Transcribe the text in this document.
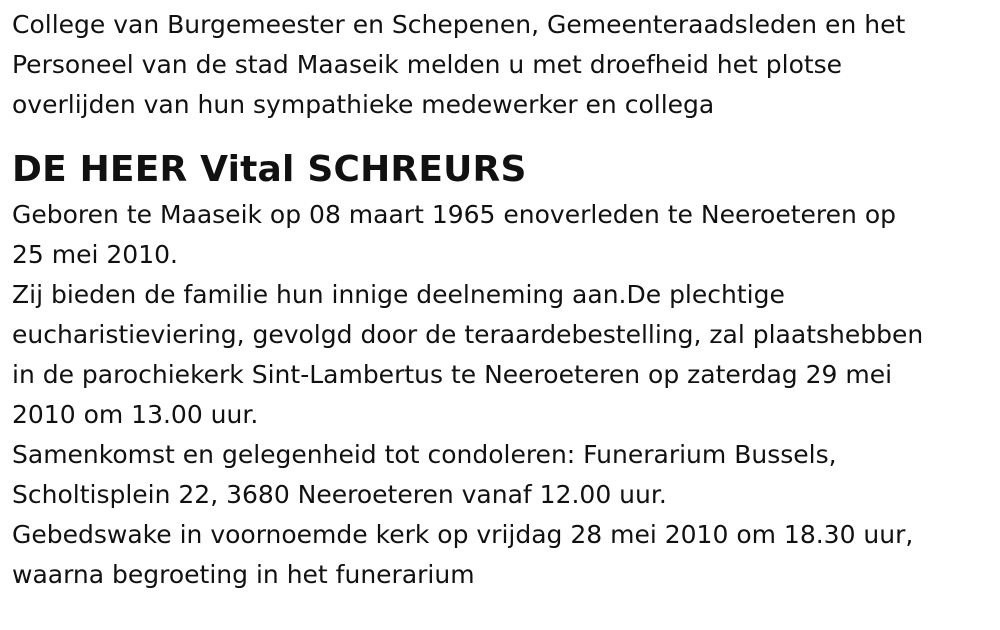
College van Burgemeester en Schepenen, Gemeenteraadsleden en het
Personeel van de stad Maaseik melden u met droefheid het plotse
overlijden van hun sympathieke medewerker en collega

DE HEER Vital SCHREURS

Geboren te Maaseik op 08 maart 1965 enoverleden te Neeroeteren op
25 mei 2010.

Zij bieden de familie hun innige deelneming aan.De plechtige
eucharistieviering, gevolgd door de teraardebestelling, zal plaatshebben
in de parochiekerk Sint-Lambertus te Neeroeteren op zaterdag 29 mei
2010 om 13.00 uur.

Samenkomst en gelegenheid tot condoleren: Funerarium Bussels,
Scholtisplein 22, 3680 Neeroeteren vanaf 12.00 uur.

Gebedswake in voornoemde kerk op vrijdag 28 mei 2010 om 18.30 uur,
waarna begroeting in het funerarium
